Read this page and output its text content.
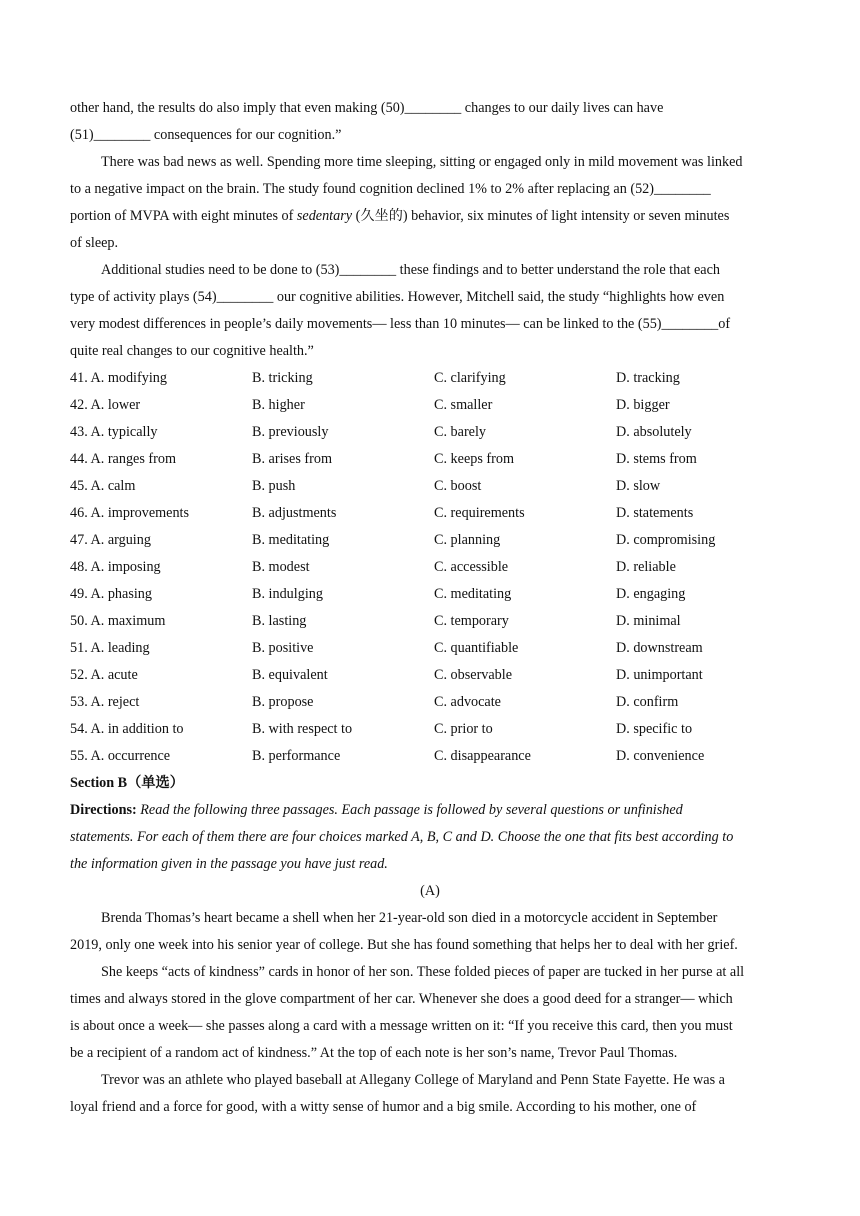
other hand, the results do also imply that even making (50)________ changes to our daily lives can have
(51)________ consequences for our cognition.”
There was bad news as well. Spending more time sleeping, sitting or engaged only in mild movement was linked
to a negative impact on the brain. The study found cognition declined 1% to 2% after replacing an (52)________
portion of MVPA with eight minutes of sedentary (久坐的) behavior, six minutes of light intensity or seven minutes
of sleep.
Additional studies need to be done to (53)________ these findings and to better understand the role that each
type of activity plays (54)________ our cognitive abilities. However, Mitchell said, the study “highlights how even
very modest differences in people’s daily movements— less than 10 minutes— can be linked to the (55)________of
quite real changes to our cognitive health.”
41. A. modifying	B. tricking	C. clarifying	D. tracking
42. A. lower	B. higher	C. smaller	D. bigger
43. A. typically	B. previously	C. barely	D. absolutely
44. A. ranges from	B. arises from	C. keeps from	D. stems from
45. A. calm	B. push	C. boost	D. slow
46. A. improvements	B. adjustments	C. requirements	D. statements
47. A. arguing	B. meditating	C. planning	D. compromising
48. A. imposing	B. modest	C. accessible	D. reliable
49. A. phasing	B. indulging	C. meditating	D. engaging
50. A. maximum	B. lasting	C. temporary	D. minimal
51. A. leading	B. positive	C. quantifiable	D. downstream
52. A. acute	B. equivalent	C. observable	D. unimportant
53. A. reject	B. propose	C. advocate	D. confirm
54. A. in addition to	B. with respect to	C. prior to	D. specific to
55. A. occurrence	B. performance	C. disappearance	D. convenience
Section B（单选）
Directions: Read the following three passages. Each passage is followed by several questions or unfinished
statements. For each of them there are four choices marked A, B, C and D. Choose the one that fits best according to
the information given in the passage you have just read.
(A)
Brenda Thomas’s heart became a shell when her 21-year-old son died in a motorcycle accident in September
2019, only one week into his senior year of college. But she has found something that helps her to deal with her grief.
She keeps “acts of kindness” cards in honor of her son. These folded pieces of paper are tucked in her purse at all
times and always stored in the glove compartment of her car. Whenever she does a good deed for a stranger— which
is about once a week— she passes along a card with a message written on it: “If you receive this card, then you must
be a recipient of a random act of kindness.” At the top of each note is her son’s name, Trevor Paul Thomas.
Trevor was an athlete who played baseball at Allegany College of Maryland and Penn State Fayette. He was a
loyal friend and a force for good, with a witty sense of humor and a big smile. According to his mother, one of
